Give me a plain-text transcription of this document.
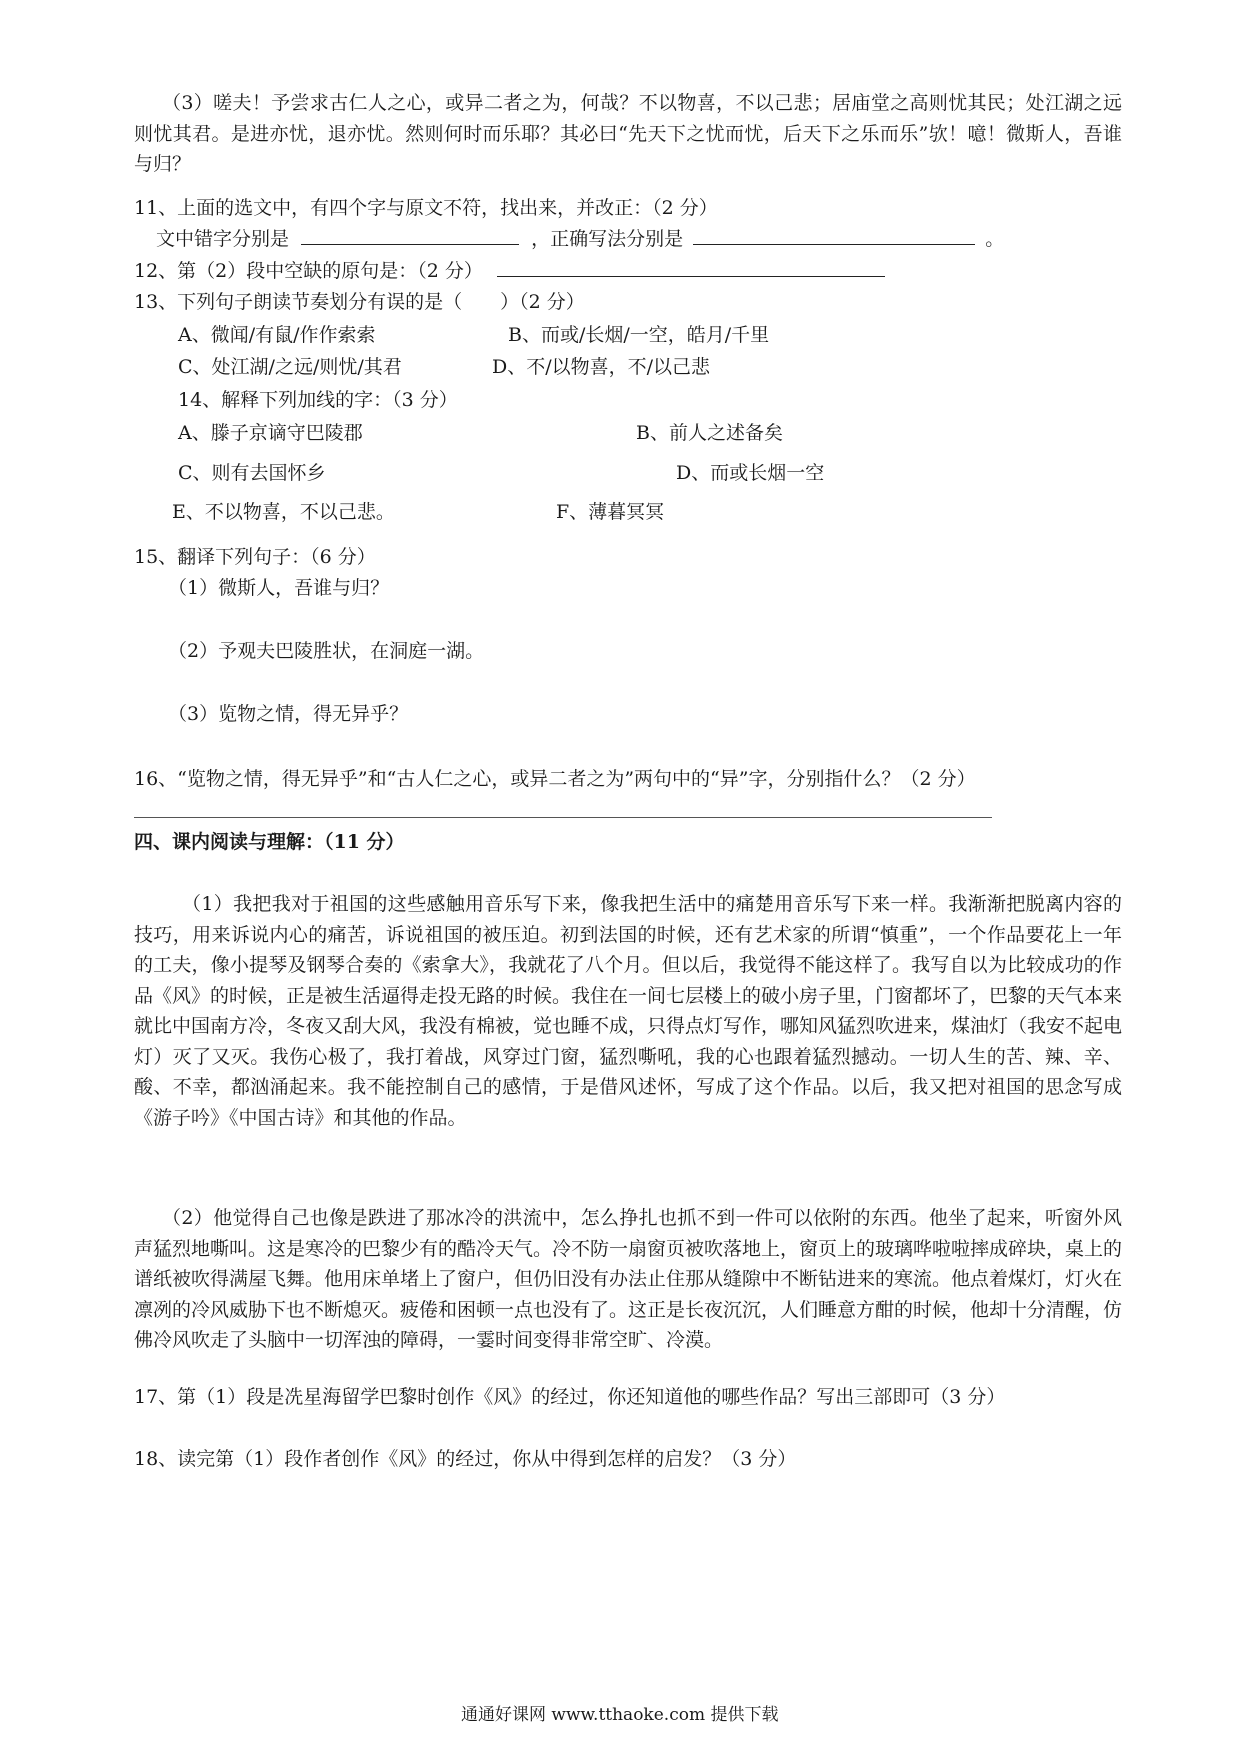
（3）嗟夫！予尝求古仁人之心，或异二者之为，何哉？不以物喜，不以己悲；居庙堂之高则忧其民；处江湖之远则忧其君。是进亦忧，退亦忧。然则何时而乐耶？其必曰“先天下之忧而忧，后天下之乐而乐”欤！噫！微斯人，吾谁与归？
11、上面的选文中，有四个字与原文不符，找出来，并改正：（2 分）
文中错字分别是	，正确写法分别是	。
12、第（2）段中空缺的原句是：（2 分）
13、下列句子朗读节奏划分有误的是（　　）（2 分）
A、微闻/有鼠/作作索索	B、而或/长烟/一空，皓月/千里
C、处江湖/之远/则忧/其君	D、不/以物喜，不/以己悲
14、解释下列加线的字：（3 分）
A、滕子京谪守巴陵郡	B、前人之述备矣
C、则有去国怀乡	D、而或长烟一空
E、不以物喜，不以己悲。	F、薄暮冥冥
15、翻译下列句子：（6 分）
（1）微斯人，吾谁与归？
（2）予观夫巴陵胜状，在洞庭一湖。
（3）览物之情，得无异乎？
16、“览物之情，得无异乎”和“古人仁之心，或异二者之为”两句中的“异”字，分别指什么？（2 分）
四、课内阅读与理解：（11 分）
（1）我把我对于祖国的这些感触用音乐写下来，像我把生活中的痛楚用音乐写下来一样。我渐渐把脱离内容的技巧，用来诉说内心的痛苦，诉说祖国的被压迫。初到法国的时候，还有艺术家的所谓“慎重”，一个作品要花上一年的工夫，像小提琴及钢琴合奏的《索拿大》，我就花了八个月。但以后，我觉得不能这样了。我写自以为比较成功的作品《风》的时候，正是被生活逼得走投无路的时候。我住在一间七层楼上的破小房子里，门窗都坏了，巴黎的天气本来就比中国南方冷，冬夜又刮大风，我没有棉被，觉也睡不成，只得点灯写作，哪知风猛烈吹进来，煤油灯（我安不起电灯）灭了又灭。我伤心极了，我打着战，风穿过门窗，猛烈嘶吼，我的心也跟着猛烈撼动。一切人生的苦、辣、辛、酸、不幸，都汹涌起来。我不能控制自己的感情，于是借风述怀，写成了这个作品。以后，我又把对祖国的思念写成《游子吟》《中国古诗》和其他的作品。
（2）他觉得自己也像是跌进了那冰冷的洪流中，怎么挣扎也抓不到一件可以依附的东西。他坐了起来，听窗外风声猛烈地嘶叫。这是寒冷的巴黎少有的酷冷天气。冷不防一扇窗页被吹落地上，窗页上的玻璃哗啦啦摔成碎块，桌上的谱纸被吹得满屋飞舞。他用床单堵上了窗户，但仍旧没有办法止住那从缝隙中不断钻进来的寒流。他点着煤灯，灯火在凛冽的冷风威胁下也不断熄灭。疲倦和困顿一点也没有了。这正是长夜沉沉，人们睡意方酣的时候，他却十分清醒，仿佛冷风吹走了头脑中一切浑浊的障碍，一霎时间变得非常空旷、冷漠。
17、第（1）段是冼星海留学巴黎时创作《风》的经过，你还知道他的哪些作品？写出三部即可（3 分）
18、读完第（1）段作者创作《风》的经过，你从中得到怎样的启发？（3 分）
通通好课网 www.tthaoke.com 提供下载
